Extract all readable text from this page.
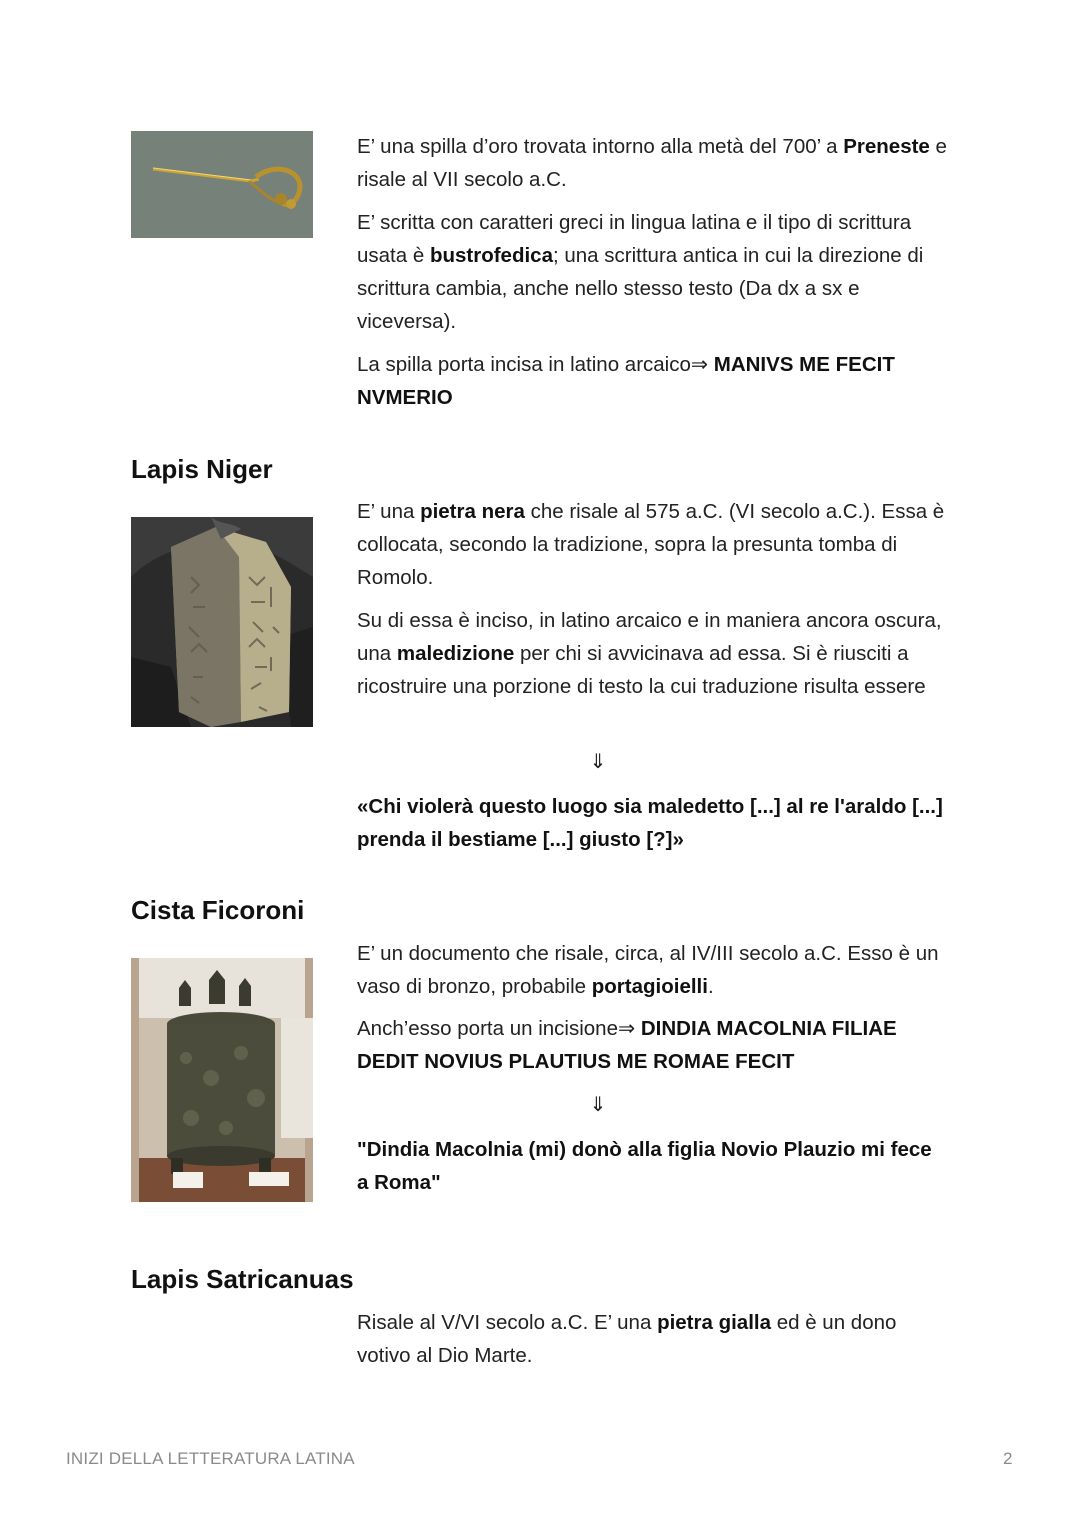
E’ una spilla d’oro trovata intorno alla metà del 700’ a Preneste e risale al VII secolo a.C.

E’ scritta con caratteri greci in lingua latina e il tipo di scrittura usata è bustrofedica; una scrittura antica in cui la direzione di scrittura cambia, anche nello stesso testo (Da dx a sx e viceversa).

La spilla porta incisa in latino arcaico⇒ MANIVS ME FECIT NVMERIO

Lapis Niger

E’ una pietra nera che risale al 575 a.C. (VI secolo a.C.). Essa è collocata, secondo la tradizione, sopra la presunta tomba di Romolo.

Su di essa è inciso, in latino arcaico e in maniera ancora oscura, una maledizione per chi si avvicinava ad essa. Si è riusciti a ricostruire una porzione di testo la cui traduzione risulta essere

⇓

«Chi violerà questo luogo sia maledetto [...] al re l'araldo [...] prenda il bestiame [...] giusto [?]»

Cista Ficoroni

E’ un documento che risale, circa, al IV/III secolo a.C. Esso è un vaso di bronzo, probabile portagioielli.

Anch’esso porta un incisione⇒ DINDIA MACOLNIA FILIAE DEDIT NOVIUS PLAUTIUS ME ROMAE FECIT

⇓

"Dindia Macolnia (mi) donò alla figlia Novio Plauzio mi fece a Roma"

Lapis Satricanuas

Risale al V/VI secolo a.C. E’ una pietra gialla ed è un dono votivo al Dio Marte.

INIZI DELLA LETTERATURA LATINA	2
